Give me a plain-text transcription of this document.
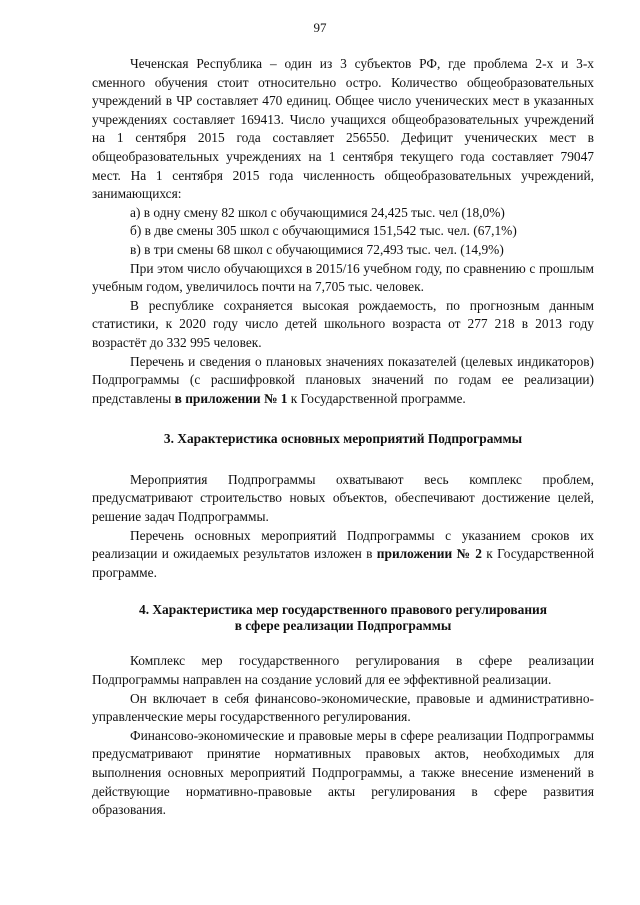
97

Чеченская Республика – один из 3 субъектов РФ, где проблема 2-х и 3-х сменного обучения стоит относительно остро. Количество общеобразовательных учреждений в ЧР составляет 470 единиц. Общее число ученических мест в указанных учреждениях составляет 169413. Число учащихся общеобразовательных учреждений на 1 сентября 2015 года составляет 256550. Дефицит ученических мест в общеобразовательных учреждениях на 1 сентября текущего года составляет 79047 мест. На 1 сентября 2015 года численность общеобразовательных учреждений, занимающихся:

а) в одну смену 82 школ с обучающимися 24,425 тыс. чел (18,0%)

б) в две смены 305 школ с обучающимися 151,542 тыс. чел. (67,1%)

в) в три смены 68 школ с обучающимися 72,493 тыс. чел. (14,9%)

При этом число обучающихся в 2015/16 учебном году, по сравнению с прошлым учебным годом, увеличилось почти на 7,705 тыс. человек.

В республике сохраняется высокая рождаемость, по прогнозным данным статистики, к 2020 году число детей школьного возраста от 277 218 в 2013 году возрастёт до 332 995 человек.

Перечень и сведения о плановых значениях показателей (целевых индикаторов) Подпрограммы (с расшифровкой плановых значений по годам ее реализации) представлены в приложении № 1 к Государственной программе.

3. Характеристика основных мероприятий Подпрограммы

Мероприятия Подпрограммы охватывают весь комплекс проблем, предусматривают строительство новых объектов, обеспечивают достижение целей, решение задач Подпрограммы.

Перечень основных мероприятий Подпрограммы с указанием сроков их реализации и ожидаемых результатов изложен в приложении № 2 к Государственной программе.

4. Характеристика мер государственного правового регулирования
в сфере реализации Подпрограммы

Комплекс мер государственного регулирования в сфере реализации Подпрограммы направлен на создание условий для ее эффективной реализации.

Он включает в себя финансово-экономические, правовые и административно-управленческие меры государственного регулирования.

Финансово-экономические и правовые меры в сфере реализации Подпрограммы предусматривают принятие нормативных правовых актов, необходимых для выполнения основных мероприятий Подпрограммы, а также внесение изменений в действующие нормативно-правовые акты регулирования в сфере развития образования.
